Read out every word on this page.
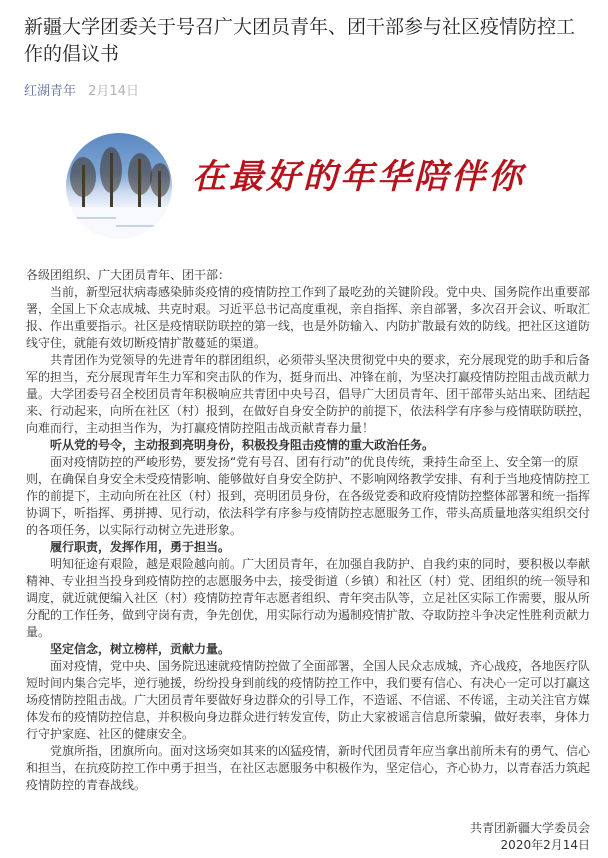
新疆大学团委关于号召广大团员青年、团干部参与社区疫情防控工作的倡议书
红湖青年 2月14日
在最好的年华陪伴你

各级团组织、广大团员青年、团干部：

当前，新型冠状病毒感染肺炎疫情的疫情防控工作到了最吃劲的关键阶段。党中央、国务院作出重要部署，全国上下众志成城、共克时艰。习近平总书记高度重视，亲自指挥、亲自部署，多次召开会议、听取汇报、作出重要指示。社区是疫情联防联控的第一线，也是外防输入、内防扩散最有效的防线。把社区这道防线守住，就能有效切断疫情扩散蔓延的渠道。

共青团作为党领导的先进青年的群团组织，必须带头坚决贯彻党中央的要求，充分展现党的助手和后备军的担当，充分展现青年生力军和突击队的作为，挺身而出、冲锋在前，为坚决打赢疫情防控阻击战贡献力量。大学团委号召全校团员青年积极响应共青团中央号召，倡导广大团员青年、团干部带头站出来、团结起来、行动起来，向所在社区（村）报到，在做好自身安全防护的前提下，依法科学有序参与疫情联防联控，向难而行，主动担当作为，为打赢疫情防控阻击战贡献青春力量！

听从党的号令，主动报到亮明身份，积极投身阻击疫情的重大政治任务。

面对疫情防控的严峻形势，要发扬“党有号召、团有行动”的优良传统，秉持生命至上、安全第一的原则，在确保自身安全未受疫情影响、能够做好自身安全防护、不影响网络教学安排、有利于当地疫情防控工作的前提下，主动向所在社区（村）报到，亮明团员身份，在各级党委和政府疫情防控整体部署和统一指挥协调下，听指挥、勇拼搏、见行动，依法科学有序参与疫情防控志愿服务工作，带头高质量地落实组织交付的各项任务，以实际行动树立先进形象。

履行职责，发挥作用，勇于担当。

明知征途有艰险，越是艰险越向前。广大团员青年，在加强自我防护、自我约束的同时，要积极以奉献精神、专业担当投身到疫情防控的志愿服务中去，接受街道（乡镇）和社区（村）党、团组织的统一领导和调度，就近就便编入社区（村）疫情防控青年志愿者组织、青年突击队等，立足社区实际工作需要，服从所分配的工作任务，做到守岗有责，争先创优，用实际行动为遏制疫情扩散、夺取防控斗争决定性胜利贡献力量。

坚定信念，树立榜样，贡献力量。

面对疫情，党中央、国务院迅速就疫情防控做了全面部署，全国人民众志成城，齐心战疫，各地医疗队短时间内集合完毕，逆行驰援，纷纷投身到前线的疫情防控工作中，我们要有信心、有决心一定可以打赢这场疫情防控阻击战。广大团员青年要做好身边群众的引导工作，不造谣、不信谣、不传谣，主动关注官方媒体发布的疫情防控信息，并积极向身边群众进行转发宣传，防止大家被谣言信息所蒙骗，做好表率，身体力行守护家庭、社区的健康安全。

党旗所指，团旗所向。面对这场突如其来的凶猛疫情，新时代团员青年应当拿出前所未有的勇气、信心和担当，在抗疫防控工作中勇于担当，在社区志愿服务中积极作为，坚定信心，齐心协力，以青春活力筑起疫情防控的青春战线。

共青团新疆大学委员会
2020年2月14日
